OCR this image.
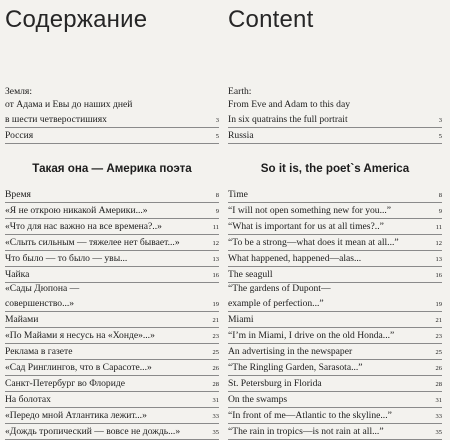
Содержание
Земля:
от Адама и Евы до наших дней
в шести четверостишиях	3
Россия	5
Такая она — Америка поэта
Время	8
«Я не открою никакой Америки...»	9
«Что для нас важно на все времена?..»	11
«Слыть сильным — тяжелее нет бывает...»	12
Что было — то было — увы...	13
Чайка	16
«Сады Дюпона —
совершенство...»	19
Майами	21
«По Майами я несусь на «Хонде»...»	23
Реклама в газете	25
«Сад Ринглингов, что в Сарасоте...»	26
Санкт-Петербург во Флориде	28
На болотах	31
«Передо мной Атлантика лежит...»	33
«Дождь тропический — вовсе не дождь...»	35
Content
Earth:
From Eve and Adam to this day
In six quatrains the full portrait	3
Russia	5
So it is, the poet`s America
Time	8
“I will not open something new for you...”	9
“What is important for us at all times?..”	11
“To be a strong—what does it mean at all...”	12
What happened, happened—alas...	13
The seagull	16
“The gardens of Dupont—
example of perfection...”	19
Miami	21
“I’m in Miami, I drive on the old Honda...”	23
An advertising in the newspaper	25
“The Ringling Garden, Sarasota...”	26
St. Petersburg in Florida	28
On the swamps	31
“In front of me—Atlantic to the skyline...”	33
“The rain in tropics—is not rain at all...”	35
